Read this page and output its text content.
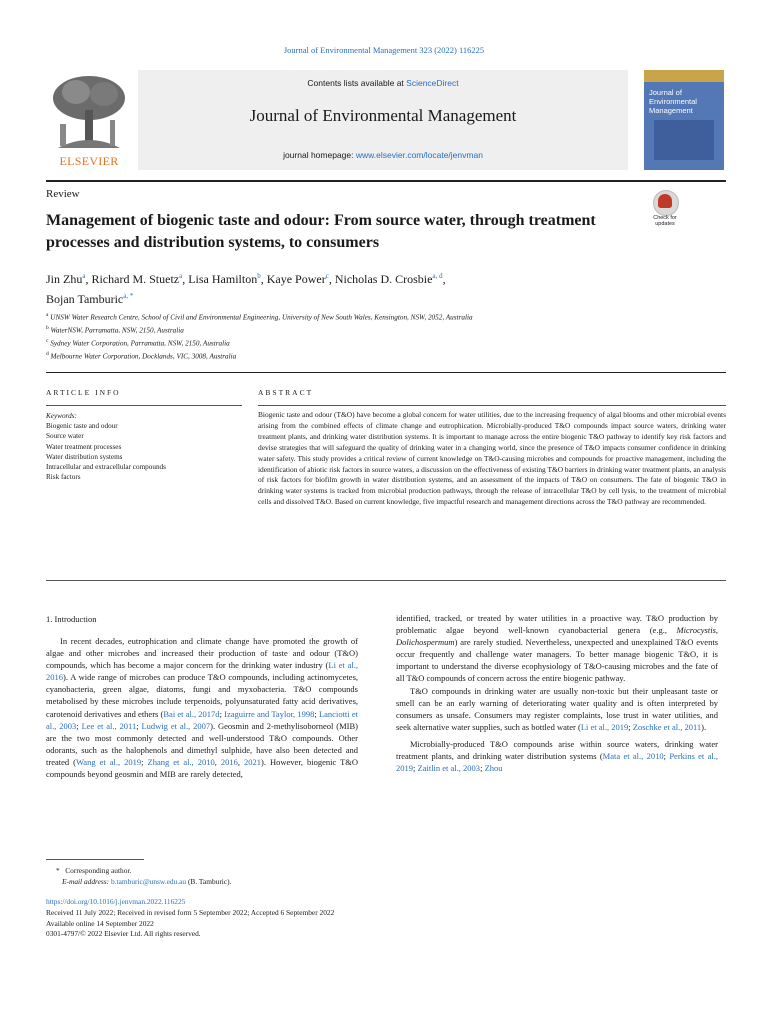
Journal of Environmental Management 323 (2022) 116225
ELSEVIER
Contents lists available at ScienceDirect
Journal of Environmental Management
journal homepage: www.elsevier.com/locate/jenvman
Journal of Environmental Management
Review
Management of biogenic taste and odour: From source water, through treatment processes and distribution systems, to consumers
Check for updates
Jin Zhu$^a$, Richard M. Stuetz$^a$, Lisa Hamilton$^b$, Kaye Power$^c$, Nicholas D. Crosbie$^{a, d}$,
Bojan Tamburic$^{a, *}$
$^a$ UNSW Water Research Centre, School of Civil and Environmental Engineering, University of New South Wales, Kensington, NSW, 2052, Australia
$^b$ WaterNSW, Parramatta, NSW, 2150, Australia
$^c$ Sydney Water Corporation, Parramatta, NSW, 2150, Australia
$^d$ Melbourne Water Corporation, Docklands, VIC, 3008, Australia
ARTICLE INFO	ABSTRACT
Keywords:
Biogenic taste and odour
Source water
Water treatment processes
Water distribution systems
Intracellular and extracellular compounds
Risk factors
Biogenic taste and odour (T&O) have become a global concern for water utilities, due to the increasing frequency of algal blooms and other microbial events arising from the combined effects of climate change and eutrophication. Microbially-produced T&O compounds impact source waters, drinking water treatment plants, and drinking water distribution systems. It is important to manage across the entire biogenic T&O pathway to identify key risk factors and devise strategies that will safeguard the quality of drinking water in a changing world, since the presence of T&O impacts consumer confidence in drinking water safety. This study provides a critical review of current knowledge on T&O-causing microbes and compounds for proactive management, including the identification of abiotic risk factors in source waters, a discussion on the effectiveness of existing T&O barriers in drinking water treatment plants, an analysis of risk factors for biofilm growth in water distribution systems, and an assessment of the impacts of T&O on consumers. The fate of biogenic T&O in drinking water systems is tracked from microbial production pathways, through the release of intracellular T&O by cell lysis, to the treatment of microbial cells and dissolved T&O. Based on current knowledge, five impactful research and management directions across the T&O pathway are recommended.
1. Introduction

In recent decades, eutrophication and climate change have promoted the growth of algae and other microbes and increased their production of taste and odour (T&O) compounds, which has become a major concern for the drinking water industry (Li et al., 2016). A wide range of microbes can produce T&O compounds, including actinomycetes, cyanobacteria, green algae, diatoms, fungi and myxobacteria. T&O compounds metabolised by these microbes include terpenoids, polyunsaturated fatty acid derivatives, carotenoid derivatives and ethers (Bai et al., 2017d; Izaguirre and Taylor, 1998; Lanciotti et al., 2003; Lee et al., 2011; Ludwig et al., 2007). Geosmin and 2-methylisoborneol (MIB) are the two most commonly detected and well-understood T&O compounds. Other odorants, such as the halophenols and dimethyl sulphide, have also been detected and treated (Wang et al., 2019; Zhang et al., 2010, 2016, 2021). However, biogenic T&O compounds beyond geosmin and MIB are rarely detected,

identified, tracked, or treated by water utilities in a proactive way. T&O production by problematic algae beyond well-known cyanobacterial genera (e.g., Microcystis, Dolichospermum) are rarely studied. Nevertheless, unexpected and unexplained T&O events occur frequently and challenge water managers. To better manage biogenic T&O, it is important to understand the diverse ecophysiology of T&O-causing microbes and the fate of all T&O compounds of concern across the entire biogenic pathway.

T&O compounds in drinking water are usually non-toxic but their unpleasant taste or smell can be an early warning of deteriorating water quality and is often interpreted by consumers as unsafe. Consumers may register complaints, lose trust in water utilities, and seek alternative water supplies, such as bottled water (Li et al., 2019; Zoschke et al., 2011).

Microbially-produced T&O compounds arise within source waters, drinking water treatment plants, and drinking water distribution systems (Mata et al., 2010; Perkins et al., 2019; Zaitlin et al., 2003; Zhou

* Corresponding author.
E-mail address: b.tamburic@unsw.edu.au (B. Tamburic).
https://doi.org/10.1016/j.jenvman.2022.116225
Received 11 July 2022; Received in revised form 5 September 2022; Accepted 6 September 2022
Available online 14 September 2022
0301-4797/© 2022 Elsevier Ltd. All rights reserved.
